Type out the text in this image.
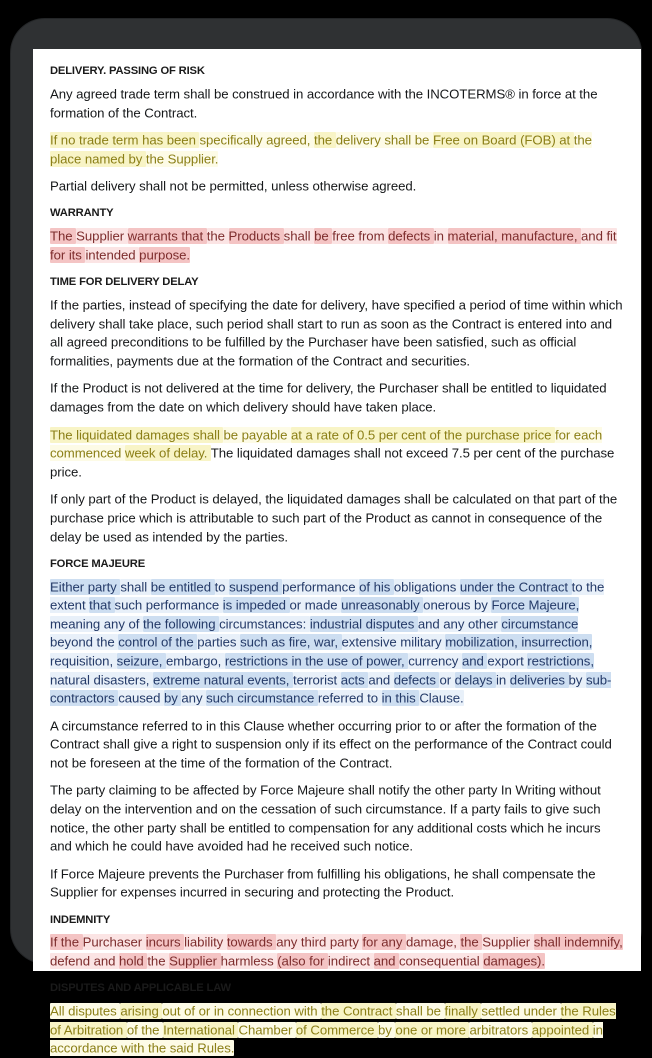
DELIVERY. PASSING OF RISK

Any agreed trade term shall be construed in accordance with the INCOTERMS® in force at the formation of the Contract.

If no trade term has been specifically agreed, the delivery shall be Free on Board (FOB) at the place named by the Supplier.

Partial delivery shall not be permitted, unless otherwise agreed.

WARRANTY

The Supplier warrants that the Products shall be free from defects in material, manufacture, and fit for its intended purpose.

TIME FOR DELIVERY DELAY

If the parties, instead of specifying the date for delivery, have specified a period of time within which delivery shall take place, such period shall start to run as soon as the Contract is entered into and all agreed preconditions to be fulfilled by the Purchaser have been satisfied, such as official formalities, payments due at the formation of the Contract and securities.

If the Product is not delivered at the time for delivery, the Purchaser shall be entitled to liquidated damages from the date on which delivery should have taken place.

The liquidated damages shall be payable at a rate of 0.5 per cent of the purchase price for each commenced week of delay. The liquidated damages shall not exceed 7.5 per cent of the purchase price.

If only part of the Product is delayed, the liquidated damages shall be calculated on that part of the purchase price which is attributable to such part of the Product as cannot in consequence of the delay be used as intended by the parties.

FORCE MAJEURE

Either party shall be entitled to suspend performance of his obligations under the Contract to the extent that such performance is impeded or made unreasonably onerous by Force Majeure, meaning any of the following circumstances: industrial disputes and any other circumstance beyond the control of the parties such as fire, war, extensive military mobilization, insurrection, requisition, seizure, embargo, restrictions in the use of power, currency and export restrictions, natural disasters, extreme natural events, terrorist acts and defects or delays in deliveries by sub-contractors caused by any such circumstance referred to in this Clause.

A circumstance referred to in this Clause whether occurring prior to or after the formation of the Contract shall give a right to suspension only if its effect on the performance of the Contract could not be foreseen at the time of the formation of the Contract.

The party claiming to be affected by Force Majeure shall notify the other party In Writing without delay on the intervention and on the cessation of such circumstance. If a party fails to give such notice, the other party shall be entitled to compensation for any additional costs which he incurs and which he could have avoided had he received such notice.

If Force Majeure prevents the Purchaser from fulfilling his obligations, he shall compensate the Supplier for expenses incurred in securing and protecting the Product.

INDEMNITY

If the Purchaser incurs liability towards any third party for any damage, the Supplier shall indemnify, defend and hold the Supplier harmless (also for indirect and consequential damages).

DISPUTES AND APPLICABLE LAW

All disputes arising out of or in connection with the Contract shall be finally settled under the Rules of Arbitration of the International Chamber of Commerce by one or more arbitrators appointed in accordance with the said Rules.
